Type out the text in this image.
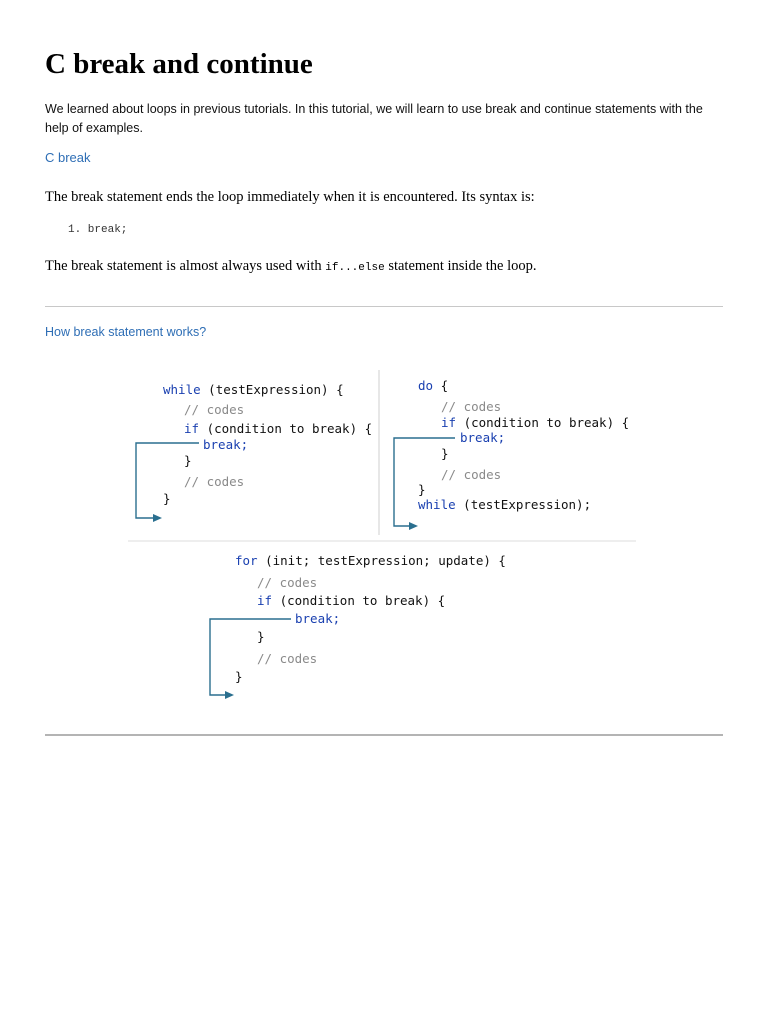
C break and continue

We learned about loops in previous tutorials. In this tutorial, we will learn to use break and continue statements with the help of examples.

C break

The break statement ends the loop immediately when it is encountered. Its syntax is:

1. break;

The break statement is almost always used with if...else statement inside the loop.

How break statement works?
while (testExpression) {
// codes
if (condition to break) {
break;
}
// codes
}
do {
// codes
if (condition to break) {
break;
}
// codes
}
while (testExpression);
for (init; testExpression; update) {
// codes
if (condition to break) {
break;
}
// codes
}
